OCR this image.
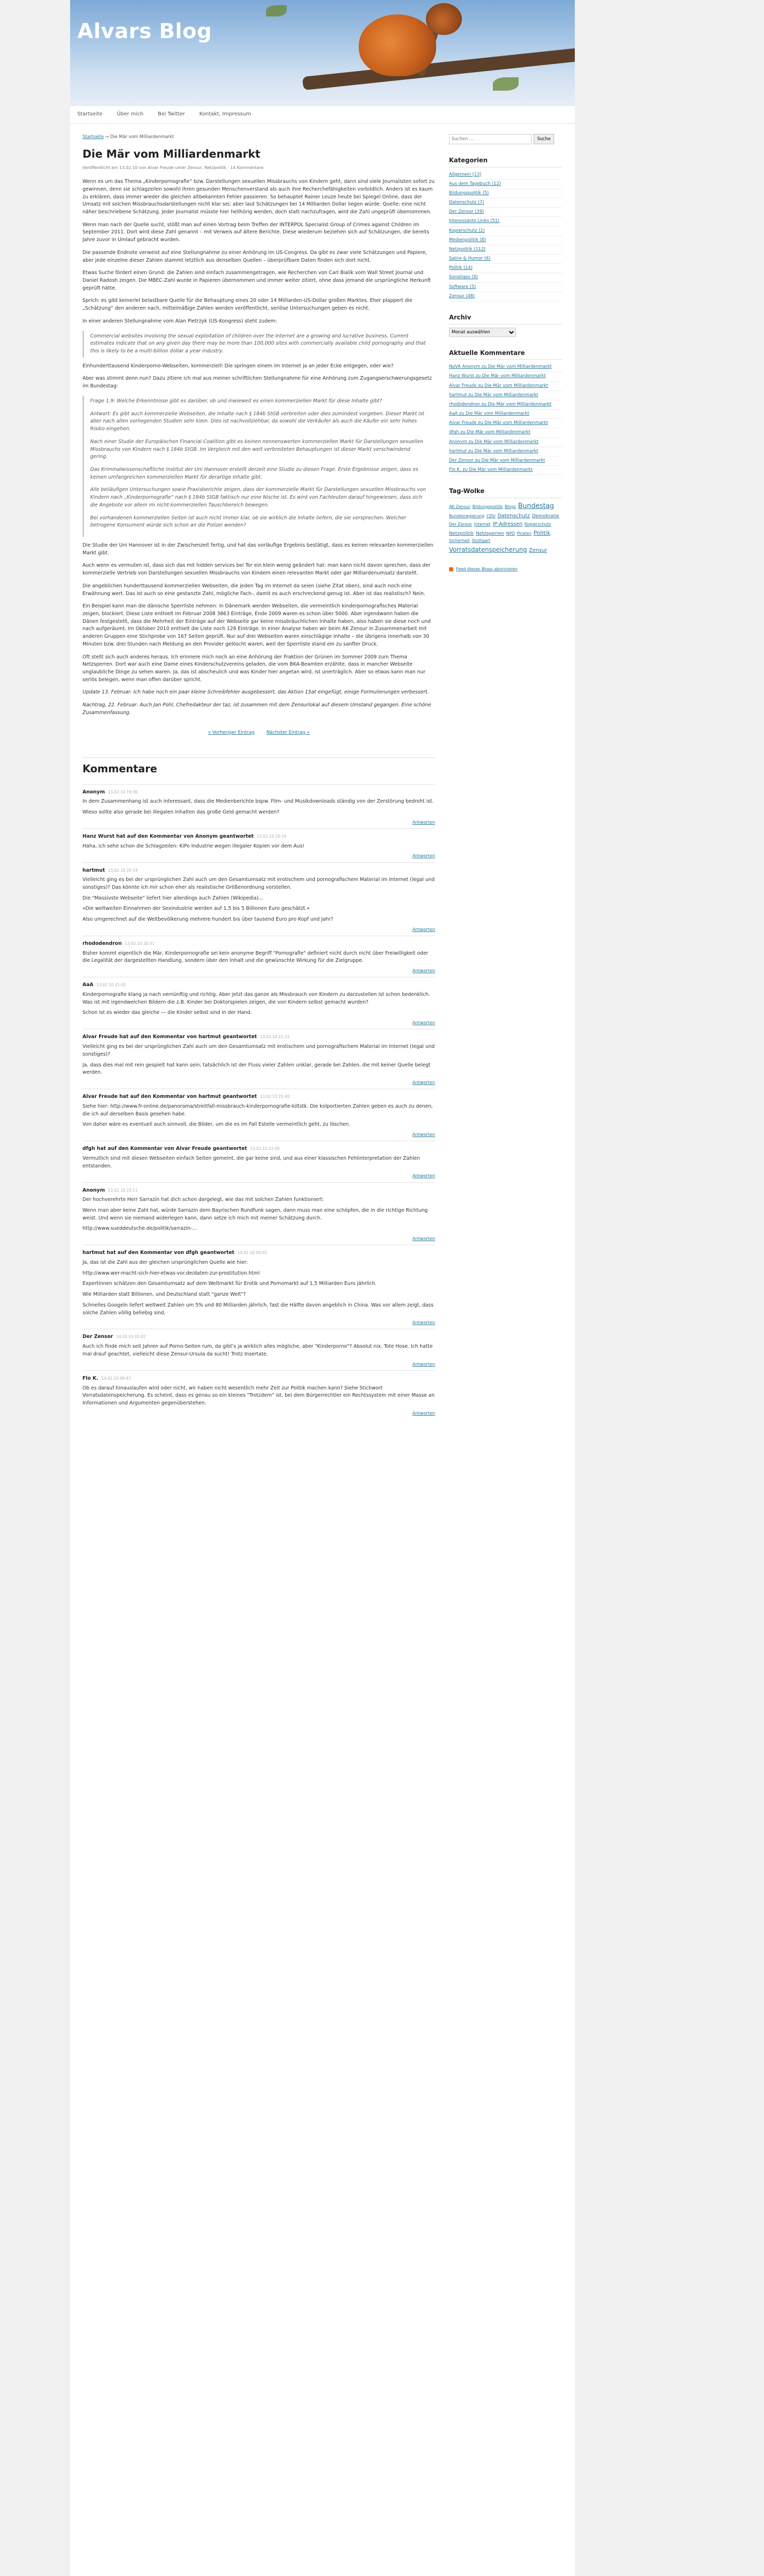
Alvars Blog
Startseite	Über mich	Bei Twitter	Kontakt, Impressum
Startseite → Die Mär vom Milliardenmarkt
Die Mär vom Milliardenmarkt
Veröffentlicht am 13.02.10 von Alvar Freude unter Zensur, Netzpolitik · 14 Kommentare

Wenn es um das Thema „Kinderpornografie“ bzw. Darstellungen sexuellen Missbrauchs von Kindern geht, dann sind viele Journalisten sofort zu gewinnen, denn sie schlagzeilen sowohl ihren gesunden Menschenverstand als auch ihre Recherchefähigkeiten vorbildlich. Anders ist es kaum zu erklären, dass immer wieder die gleichen altbekannten Fehler passieren. So behauptet Rainer Leuze heute bei Spiegel Online, dass der Umsatz mit solchen Missbrauchsdarstellungen nicht klar sei; aber laut Schätzungen bei 14 Milliarden Dollar liegen würde. Quelle: eine nicht näher beschriebene Schätzung. Jeder Journalist müsste hier hellhörig werden, doch statt nachzufragen, wird die Zahl ungeprüft übernommen.

Wenn man nach der Quelle sucht, stößt man auf einen Vortrag beim Treffen der INTERPOL Specialist Group of Crimes against Children im September 2011. Dort wird diese Zahl genannt – mit Verweis auf ältere Berichte. Diese wiederum beziehen sich auf Schätzungen, die bereits Jahre zuvor in Umlauf gebracht wurden.

Die passende Endnote verweist auf eine Stellungnahme zu einer Anhörung im US-Congress. Da gibt es zwar viele Schätzungen und Papiere, aber jede einzelne dieser Zahlen stammt letztlich aus denselben Quellen – überprüfbare Daten finden sich dort nicht.

Etwas Suche fördert einen Grund: die Zahlen sind einfach zusammengetragen, wie Recherchen von Carl Bialik vom Wall Street Journal und Daniel Radosh zeigen. Die MBEC-Zahl wurde in Papieren übernommen und immer weiter zitiert, ohne dass jemand die ursprüngliche Herkunft geprüft hätte.

Sprich: es gibt keinerlei belastbare Quelle für die Behauptung eines 20 oder 14 Milliarden-US-Dollar großen Marktes. Eher plappert die „Schätzung“ den anderen nach, mittelmäßige Zahlen werden veröffentlicht, seriöse Untersuchungen geben es nicht.

In einer anderen Stellungnahme vom Alan Pietrzyk (US-Kongress) steht zudem:

Commercial websites involving the sexual exploitation of children over the Internet are a growing and lucrative business. Current estimates indicate that on any given day there may be more than 100,000 sites with commercially available child pornography and that this is likely to be a multi-billion dollar a year industry.

Einhunderttausend Kinderporno-Webseiten, kommerziell! Die springen einem im Internet ja an jeder Ecke entgegen, oder wie?

Aber was stimmt denn nun? Dazu zitiere ich mal aus meiner schriftlichen Stellungnahme für eine Anhörung zum Zugangserschwerungsgesetz im Bundestag:

Frage 1.9: Welche Erkenntnisse gibt es darüber, ob und inwieweit es einen kommerziellen Markt für diese Inhalte gibt?

Antwort: Es gibt auch kommerzielle Webseiten, die Inhalte nach § 184b StGB verbreiten oder dies zumindest vorgeben. Dieser Markt ist aber nach allen vorliegenden Studien sehr klein. Dies ist nachvollziehbar, da sowohl die Verkäufer als auch die Käufer ein sehr hohes Risiko eingehen.

Nach einer Studie der Europäischen Financial Coalition gibt es keinen nennenswerten kommerziellen Markt für Darstellungen sexuellen Missbrauchs von Kindern nach § 184b StGB. Im Vergleich mit den weit verbreiteten Behauptungen ist dieser Markt verschwindend gering.

Das Kriminalwissenschaftliche Institut der Uni Hannover erstellt derzeit eine Studie zu diesen Frage. Erste Ergebnisse zeigen, dass es keinen umfangreichen kommerziellen Markt für derartige Inhalte gibt.

Alle beiläufigen Untersuchungen sowie Praxisberichte zeigen, dass der kommerzielle Markt für Darstellungen sexuellen Missbrauchs von Kindern nach „Kinderpornografie“ nach § 184b StGB faktisch nur eine Nische ist. Es wird von Fachleuten darauf hingewiesen, dass sich die Angebote vor allem im nicht-kommerziellen Tauschbereich bewegen.

Bei vorhandenen kommerziellen Seiten ist auch nicht immer klar, ob sie wirklich die Inhalte liefern, die sie versprechen. Welcher betrogene Konsument würde sich schon an die Polizei wenden?

Die Studie der Uni Hannover ist in der Zwischenzeit fertig, und hat das vorläufige Ergebnis bestätigt, dass es keinen relevanten kommerziellen Markt gibt.

Auch wenn es vermuten ist, dass sich das mit hidden services bei Tor ein klein wenig geändert hat: man kann nicht davon sprechen, dass der kommerzielle Vertrieb von Darstellungen sexuellen Missbrauchs von Kindern einen relevanten Markt oder gar Milliardenumsatz darstellt.

Die angeblichen hunderttausend kommerziellen Webseiten, die jeden Tag im Internet da seien (siehe Zitat oben), sind auch noch eine Erwähnung wert. Das ist auch so eine gestanzte Zahl, mögliche Fach-, damit es auch erschreckend genug ist. Aber ist das realistisch? Nein.

Ein Beispiel kann man die dänische Sperrliste nehmen: in Dänemark werden Webseiten, die vermeintlich kinderpornografisches Material zeigen, blockiert. Diese Liste enthielt im Februar 2008 3863 Einträge, Ende 2009 waren es schon über 5000. Aber irgendwann haben die Dänen festgestellt, dass die Mehrheit der Einträge auf der Webseite gar keine missbräuchlichen Inhalte haben, also haben sie diese noch und nach aufgeräumt. Im Oktober 2010 enthielt die Liste noch 126 Einträge. In einer Analyse haben wir beim AK Zensur in Zusammenarbeit mit anderen Gruppen eine Stichprobe von 167 Seiten geprüft. Nur auf drei Webseiten waren einschlägige Inhalte – die übrigens innerhalb von 30 Minuten bzw. drei Stunden nach Meldung an den Provider gelöscht waren, weil der Sperrliste stand ein zu sanfter Druck.

Oft stellt sich auch anderes heraus. Ich erinnere mich noch an eine Anhörung der Fraktion der Grünen im Sommer 2009 zum Thema Netzsperren. Dort war auch eine Dame eines Kinderschutzvereins geladen, die vom BKA-Beamten erzählte, dass in mancher Webseite unglaubliche Dinge zu sehen waren. Ja, das ist abscheulich und was Kinder hier angetan wird, ist unerträglich. Aber so etwas kann man nur seriös belegen, wenn man offen darüber spricht.

Update 13. Februar: Ich habe noch ein paar kleine Schreibfehler ausgebessert, das Aktion 15at eingefügt, einige Formulierungen verbessert.

Nachtrag, 22. Februar: Auch Jan Pohl, Chefredakteur der taz, ist zusammen mit dem Zensurlokal auf diesem Umstand gegangen. Eine schöne Zusammenfassung.

« Vorheriger Eintrag	Nächster Eintrag »
Kommentare
Anonym 13.02.10 19:36

In dem Zusammenhang ist auch interessant, dass die Medienberichte bspw. Film- und Musikdownloads ständig von der Zerstörung bedroht ist.

Wieso sollte also gerade bei illegalen Inhalten das große Geld gemacht werden?

Antworten
Hanz Wurst hat auf den Kommentar von Anonym geantwortet 13.02.10 20:10

Haha, ich sehe schon die Schlagzeilen: KiPo Industrie wegen illegaler Kopien vor dem Aus!

Antworten
hartmut 13.02.10 20:14

Vielleicht ging es bei der ursprünglichen Zahl auch um den Gesamtumsatz mit erotischem und pornografischem Material im Internet (legal und sonstiges)? Das könnte ich mir schon eher als realistische Größenordnung vorstellen.

Die "Massivste Webseite" liefert hier allerdings auch Zahlen (Wikipedia)...

»Die weltweiten Einnahmen der Sexindustrie werden auf 1,5 bis 5 Billionen Euro geschätzt.«

Also umgerechnet auf die Weltbevölkerung mehrere hundert bis über tausend Euro pro Kopf und Jahr?

Antworten
rhododendron 13.02.10 20:31

Bisher kommt eigentlich die Mär, Kinderpornografie sei kein anonyme Begriff "Pornografie" definiert nicht durch nicht über Freiwilligkeit oder die Legalität der dargestellten Handlung, sondern über den Inhalt und die gewünschte Wirkung für die Zielgruppe.

Antworten
AaA 13.02.10 21:02

Kinderpornografie klang ja nach vernünftig und richtig. Aber jetzt das ganze als Missbrauch von Kindern zu darzustellen ist schon bedenklich. Was ist mit irgendwelchen Bildern die z.B. Kinder bei Doktorspielen zeigen, die von Kindern selbst gemacht wurden?

Schon ist es wieder das gleiche — die Kinder selbst sind in der Hand.

Antworten
Alvar Freude hat auf den Kommentar von hartmut geantwortet 13.02.10 21:22

Vielleicht ging es bei der ursprünglichen Zahl auch um den Gesamtumsatz mit erotischem und pornografischem Material im Internet (legal und sonstiges)?

Ja, dass dies mal mit rein gespielt hat kann sein, tatsächlich ist der Fluss vieler Zahlen unklar, gerade bei Zahlen, die mit keiner Quelle belegt werden.

Antworten
Alvar Freude hat auf den Kommentar von hartmut geantwortet 13.02.10 21:40

Siehe hier: http://www.fr-online.de/panorama/streitfall-missbrauch-kinderpornografie-kiltstk. Die kolportierten Zahlen geben es auch zu denen, die ich auf derselben Basis gesehen habe.

Von daher wäre es eventuell auch sinnvoll, die Bilder, um die es im Fall Estelle vermeintlich geht, zu löschen.

Antworten
dfgh hat auf den Kommentar von Alvar Freude geantwortet 13.02.10 22:05

Vermutlich sind mit diesen Webseiten einfach Seiten gemeint, die gar keine sind, und aus einer klassischen Fehlinterpretation der Zahlen entstanden.

Antworten
Anonym 13.02.10 23:11

Der hochverehrte Herr Sarrazin hat dich schon dargelegt, wie das mit solchen Zahlen funktioniert:

Wenn man aber keine Zahl hat, würde Sarrazin dem Bayrischen Rundfunk sagen, dann muss man eine schöpfen, die in die richtige Richtung weist. Und wenn sie niemand widerlegen kann, dann setze ich mich mit meiner Schätzung durch.

http://www.sueddeutsche.de/politik/sarrazin-...

Antworten
hartmut hat auf den Kommentar von dfgh geantwortet 14.02.10 00:02

Ja, das ist die Zahl aus der gleichen ursprünglichen Quelle wie hier:

http://www.wer-macht-sich-hier-etwas-vor.de/daten-zur-prostitution.html

Expertinnen schätzen den Gesamtumsatz auf dem Weltmarkt für Erotik und Pornomarkt auf 1,5 Milliarden Euro jährlich.

Wie Milliarden statt Billionen, und Deutschland statt "ganze Welt"?

Schnelles Googeln liefert weltweit Zahlen um 5% und 80 Milliarden jährlich, fast die Hälfte davon angeblich in China. Was vor allem zeigt, dass solche Zahlen völlig beliebig sind.

Antworten
Der Zensor 14.02.10 01:02

Auch ich finde mich seit Jahren auf Porno-Seiten rum, da gibt's ja wirklich alles mögliche, aber "Kinderporno"? Absolut nix. Tote Hose. Ich hatte mal drauf geachtet, vielleicht diese Zensur-Ursula da sucht! Trotz Insertate.

Antworten
Flo K. 14.02.10 09:47

Ob es darauf hinauslaufen wird oder nicht, wir haben nicht wesentlich mehr Zeit zur Politik machen kann? Siehe Stichwort Vorratsdatenspeicherung. Es scheint, dass es genau so ein kleines "Trotzdem" ist, bei dem Bürgerrechtler ein Rechtssystem mit einer Masse an Informationen und Argumenten gegenüberstehen.

Antworten
Suchen …
Suche
Kategorien
Allgemein (13)
Aus dem Tagebuch (12)
Bildungspolitik (5)
Datenschutz (7)
Der Zensor (39)
Interessante Links (51)
Kopierschutz (2)
Medienpolitik (8)
Netzpolitik (112)
Satire & Humor (6)
Politik (14)
Sonstiges (9)
Software (5)
Zensur (48)
Archiv
Monat auswählen
Aktuelle Kommentare
NoVA Anonym zu Die Mär vom Milliardenmarkt
Hanz Wurst zu Die Mär vom Milliardenmarkt
Alvar Freude zu Die Mär vom Milliardenmarkt
hartmut zu Die Mär vom Milliardenmarkt
rhododendron zu Die Mär vom Milliardenmarkt
AaA zu Die Mär vom Milliardenmarkt
Alvar Freude zu Die Mär vom Milliardenmarkt
dfgh zu Die Mär vom Milliardenmarkt
Anonym zu Die Mär vom Milliardenmarkt
hartmut zu Die Mär vom Milliardenmarkt
Der Zensor zu Die Mär vom Milliardenmarkt
Flo K. zu Die Mär vom Milliardenmarkt
Tag-Wolke
AK Zensur Bildungspolitik Blogs BundestagBundesregierung CDU Datenschutz DemokratieDer Zensor Internet IP-Adressen KopierschutzNetzpolitik Netzsperren NPD Piraten PolitikSicherheit StuttgartVorratsdatenspeicherung Zensur
Feed dieses Blogs abonnieren
